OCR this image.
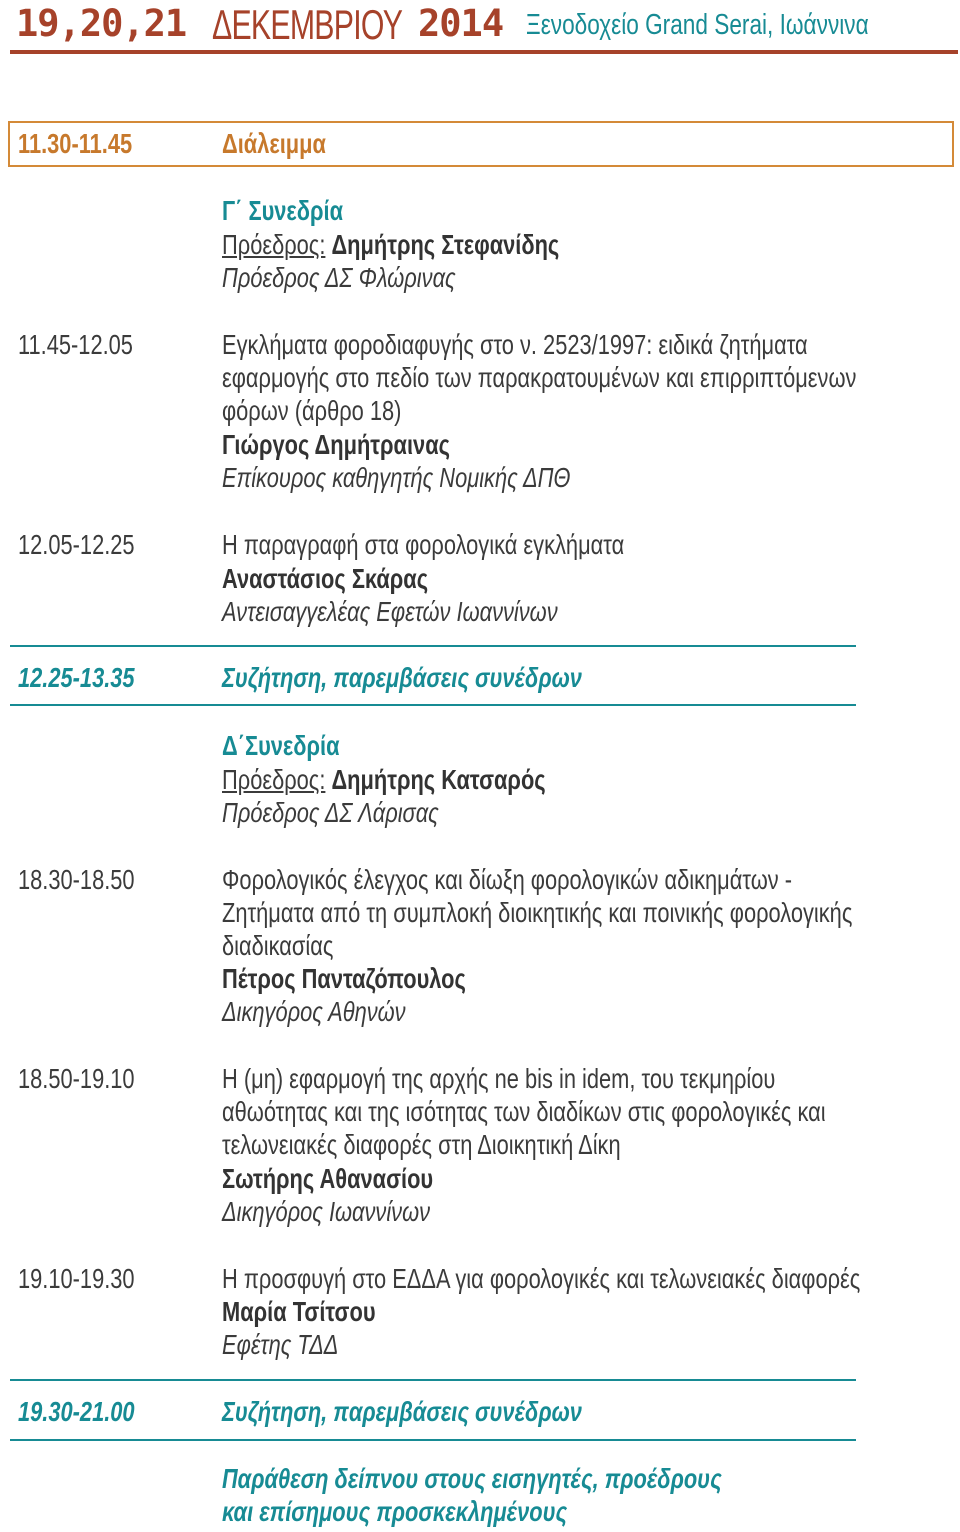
19,20,21 ΔΕΚΕΜΒΡΙΟΥ 2014 Ξενοδοχείο Grand Serai, Ιωάννινα
11.30-11.45	Διάλειμμα
Γ΄ Συνεδρία
Πρόεδρος: Δημήτρης Στεφανίδης
Πρόεδρος ΔΣ Φλώρινας
11.45-12.05	Εγκλήματα φοροδιαφυγής στο ν. 2523/1997: ειδικά ζητήματα
εφαρμογής στο πεδίο των παρακρατουμένων και επιρριπτόμενων
φόρων (άρθρο 18)
Γιώργος Δημήτραινας
Επίκουρος καθηγητής Νομικής ΔΠΘ
12.05-12.25	Η παραγραφή στα φορολογικά εγκλήματα
Αναστάσιος Σκάρας
Αντεισαγγελέας Εφετών Ιωαννίνων
12.25-13.35	Συζήτηση, παρεμβάσεις συνέδρων
Δ΄Συνεδρία
Πρόεδρος: Δημήτρης Κατσαρός
Πρόεδρος ΔΣ Λάρισας
18.30-18.50	Φορολογικός έλεγχος και δίωξη φορολογικών αδικημάτων -
Ζητήματα από τη συμπλοκή διοικητικής και ποινικής φορολογικής
διαδικασίας
Πέτρος Πανταζόπουλος
Δικηγόρος Αθηνών
18.50-19.10	Η (μη) εφαρμογή της αρχής ne bis in idem, του τεκμηρίου
αθωότητας και της ισότητας των διαδίκων στις φορολογικές και
τελωνειακές διαφορές στη Διοικητική Δίκη
Σωτήρης Αθανασίου
Δικηγόρος Ιωαννίνων
19.10-19.30	Η προσφυγή στο ΕΔΔΑ για φορολογικές και τελωνειακές διαφορές
Μαρία Τσίτσου
Εφέτης ΤΔΔ
19.30-21.00	Συζήτηση, παρεμβάσεις συνέδρων
Παράθεση δείπνου στους εισηγητές, προέδρους
και επίσημους προσκεκλημένους
